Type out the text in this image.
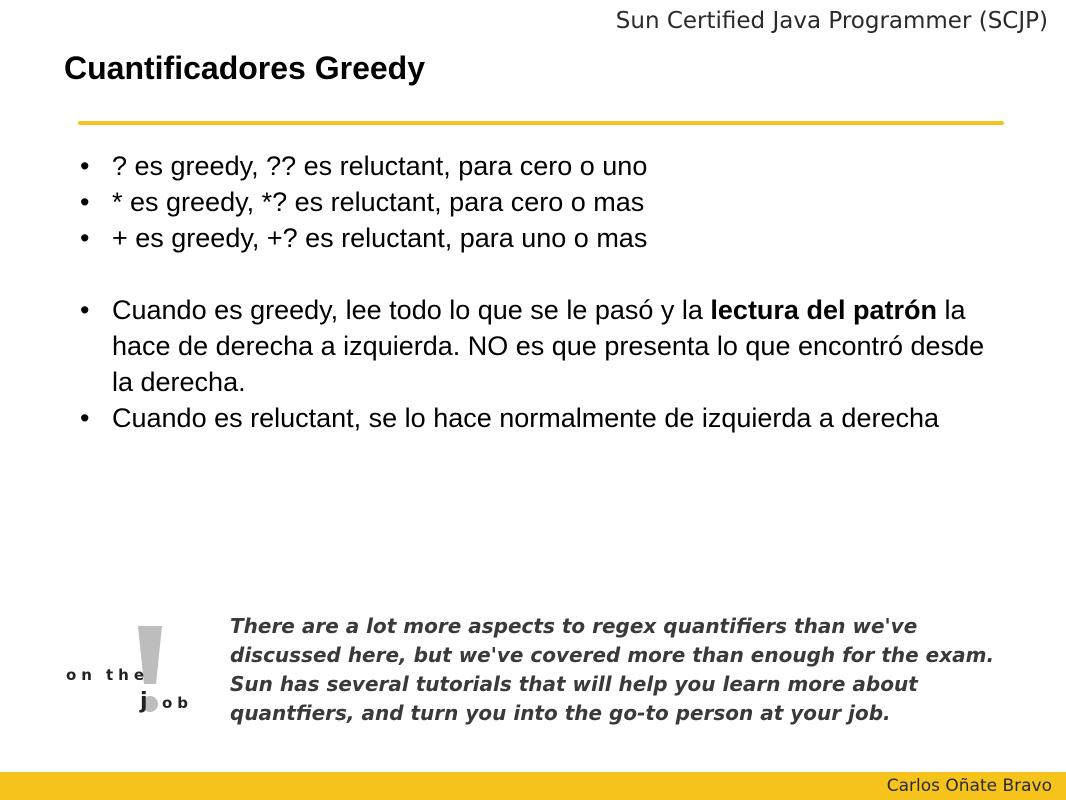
Sun Certified Java Programmer (SCJP)
Cuantificadores Greedy
• ? es greedy, ?? es reluctant, para cero o uno
• * es greedy, *? es reluctant, para cero o mas
• + es greedy, +? es reluctant, para uno o mas
• Cuando es greedy, lee todo lo que se le pasó y la lectura del patrón la hace de derecha a izquierda. NO es que presenta lo que encontró desde la derecha.
• Cuando es reluctant, se lo hace normalmente de izquierda a derecha
on the
j ob
There are a lot more aspects to regex quantifiers than we've discussed here, but we've covered more than enough for the exam. Sun has several tutorials that will help you learn more about quantfiers, and turn you into the go-to person at your job.
Carlos Oñate Bravo
